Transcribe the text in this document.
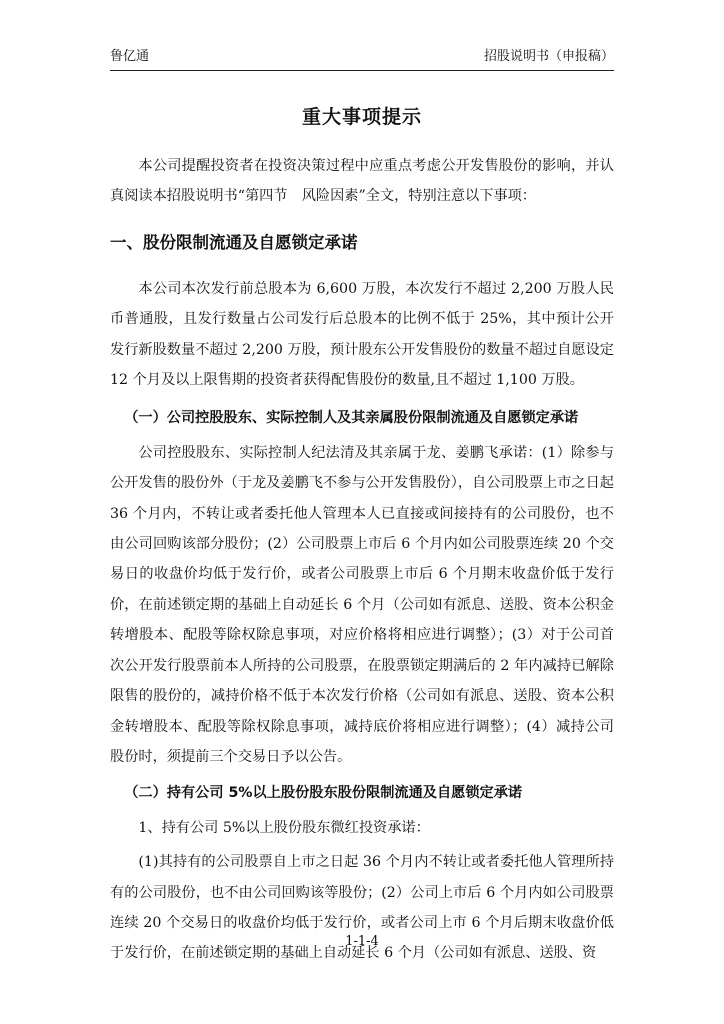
鲁亿通	招股说明书（申报稿）
重大事项提示

本公司提醒投资者在投资决策过程中应重点考虑公开发售股份的影响，并认真阅读本招股说明书“第四节　风险因素”全文，特别注意以下事项：

一、股份限制流通及自愿锁定承诺

本公司本次发行前总股本为 6,600 万股，本次发行不超过 2,200 万股人民币普通股，且发行数量占公司发行后总股本的比例不低于 25%，其中预计公开发行新股数量不超过 2,200 万股，预计股东公开发售股份的数量不超过自愿设定 12 个月及以上限售期的投资者获得配售股份的数量,且不超过 1,100 万股。

（一）公司控股股东、实际控制人及其亲属股份限制流通及自愿锁定承诺

公司控股股东、实际控制人纪法清及其亲属于龙、姜鹏飞承诺：(1）除参与公开发售的股份外（于龙及姜鹏飞不参与公开发售股份），自公司股票上市之日起 36 个月内，不转让或者委托他人管理本人已直接或间接持有的公司股份，也不由公司回购该部分股份；(2）公司股票上市后 6 个月内如公司股票连续 20 个交易日的收盘价均低于发行价，或者公司股票上市后 6 个月期末收盘价低于发行价，在前述锁定期的基础上自动延长 6 个月（公司如有派息、送股、资本公积金转增股本、配股等除权除息事项，对应价格将相应进行调整）；(3）对于公司首次公开发行股票前本人所持的公司股票，在股票锁定期满后的 2 年内减持已解除限售的股份的，减持价格不低于本次发行价格（公司如有派息、送股、资本公积金转增股本、配股等除权除息事项，减持底价将相应进行调整）；(4）减持公司股份时，须提前三个交易日予以公告。

（二）持有公司 5%以上股份股东股份限制流通及自愿锁定承诺

1、持有公司 5%以上股份股东微红投资承诺：

(1)其持有的公司股票自上市之日起 36 个月内不转让或者委托他人管理所持有的公司股份，也不由公司回购该等股份；(2）公司上市后 6 个月内如公司股票连续 20 个交易日的收盘价均低于发行价，或者公司上市 6 个月后期末收盘价低于发行价，在前述锁定期的基础上自动延长 6 个月（公司如有派息、送股、资

1-1-4
